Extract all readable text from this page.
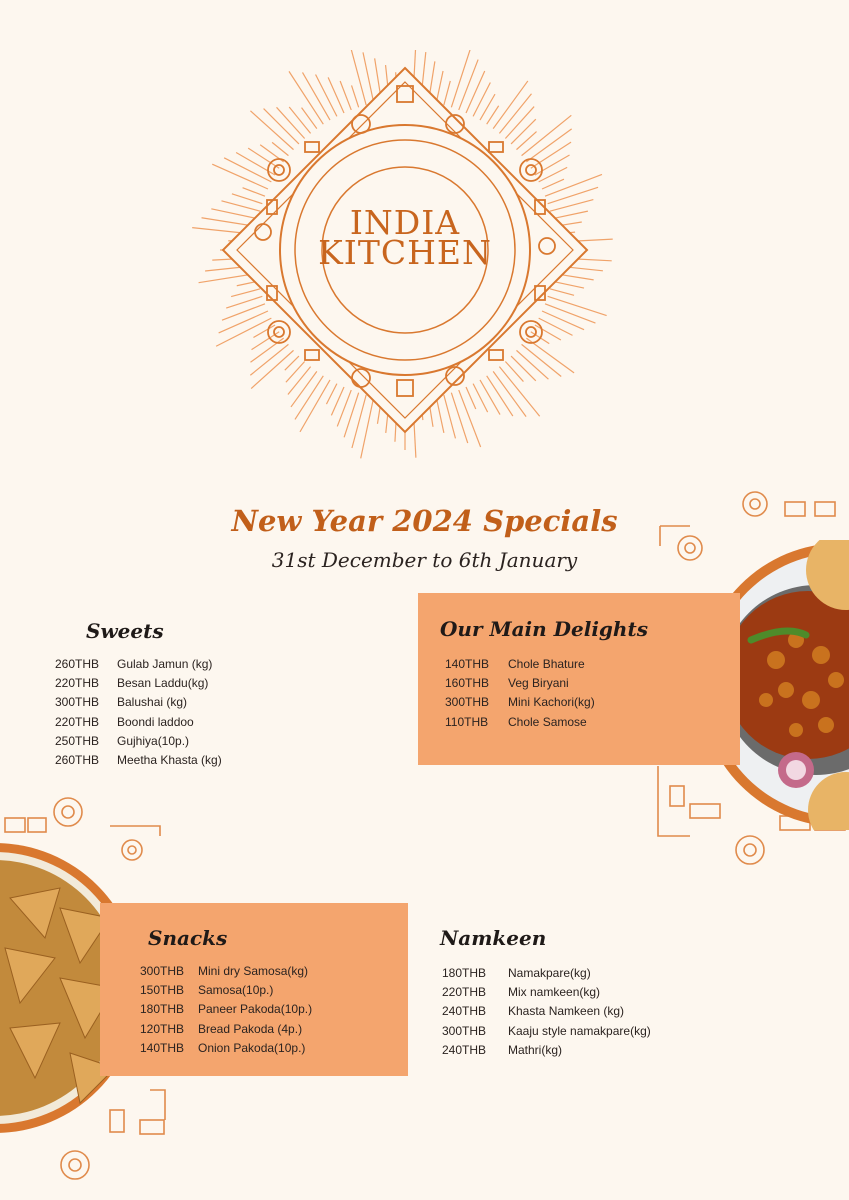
INDIA
KITCHEN
New Year 2024 Specials
31st December to 6th January
Our Main Delights
140THB	Chole Bhature
160THB	Veg Biryani
300THB	Mini Kachori(kg)
110THB	Chole Samose
Sweets
260THB	Gulab Jamun (kg)
220THB	Besan Laddu(kg)
300THB	Balushai (kg)
220THB	Boondi laddoo
250THB	Gujhiya(10p.)
260THB	Meetha Khasta (kg)
Snacks
300THB	Mini dry Samosa(kg)
150THB	Samosa(10p.)
180THB	Paneer Pakoda(10p.)
120THB	Bread Pakoda (4p.)
140THB	Onion Pakoda(10p.)
Namkeen
180THB	Namakpare(kg)
220THB	Mix namkeen(kg)
240THB	Khasta Namkeen (kg)
300THB	Kaaju style namakpare(kg)
240THB	Mathri(kg)
